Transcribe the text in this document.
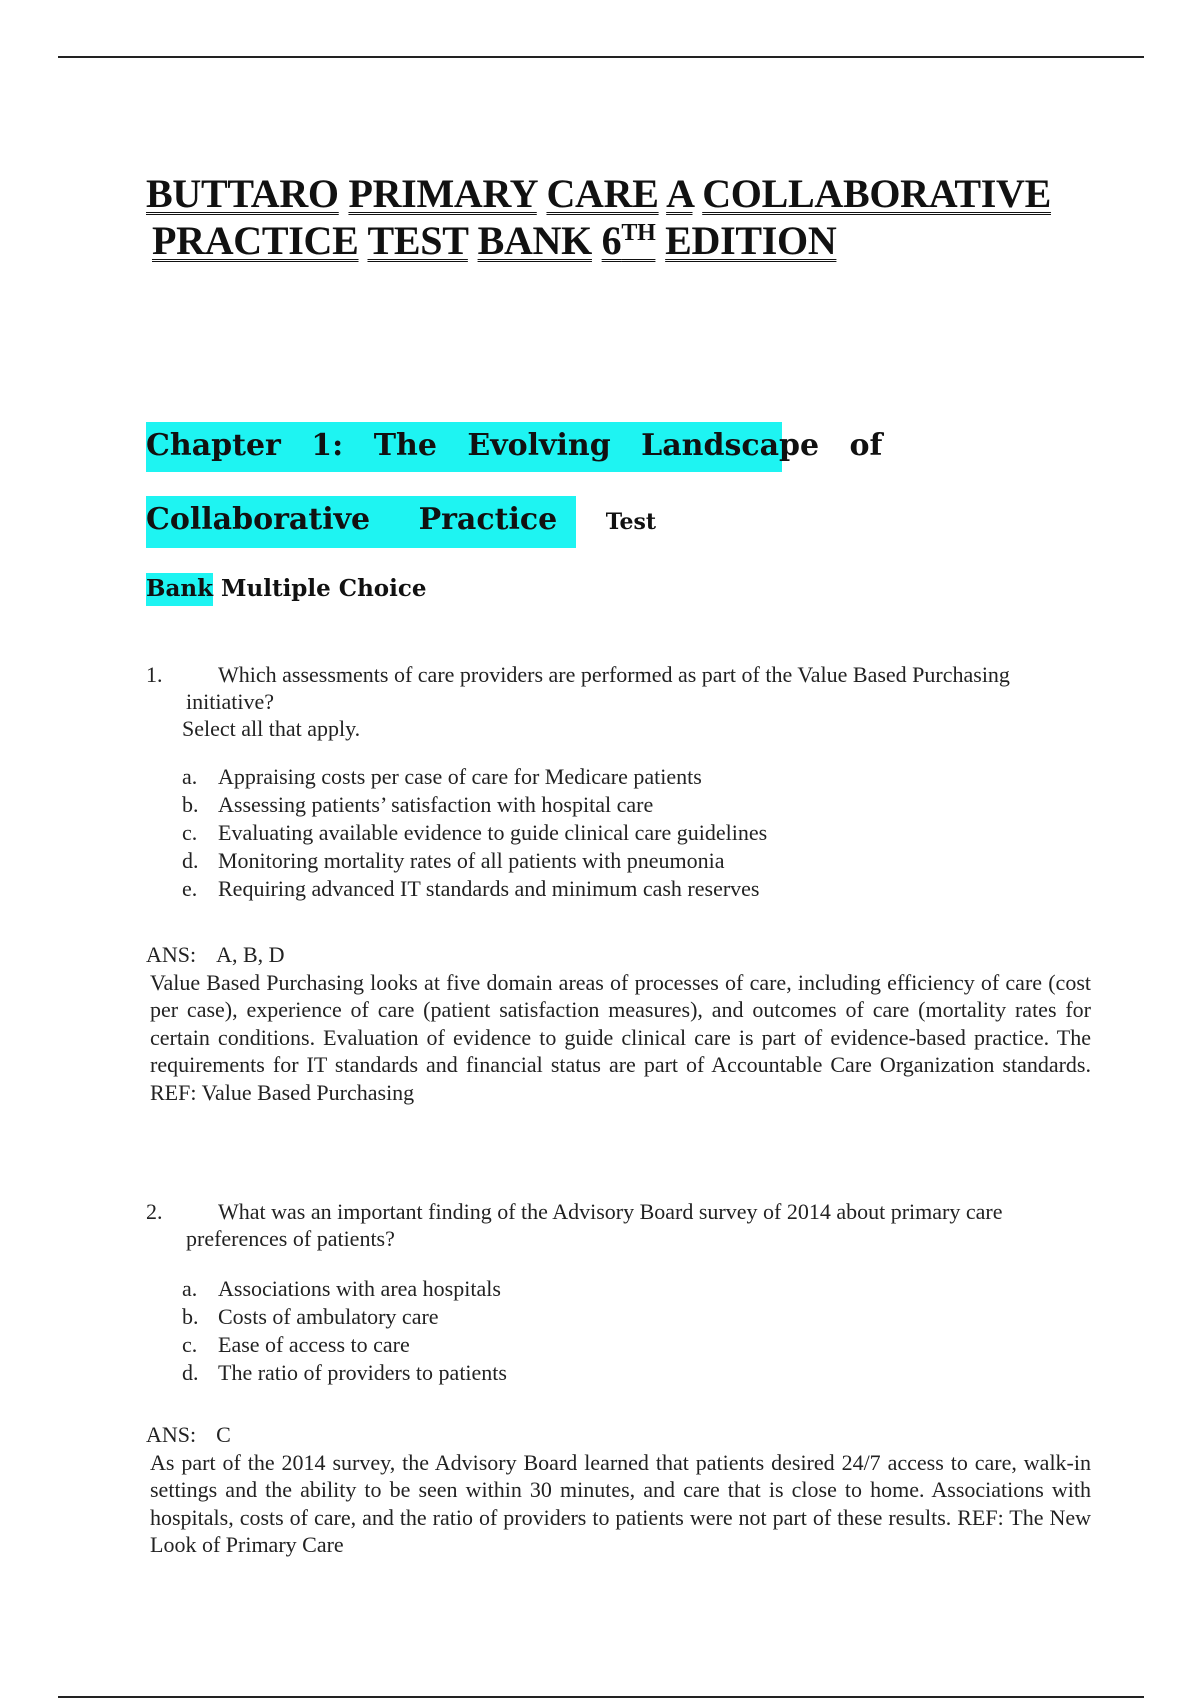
BUTTARO PRIMARY CARE A COLLABORATIVE
PRACTICE TEST BANK 6TH EDITION
Chapter 1: The Evolving Landscape of
Collaborative Practice Test
Bank Multiple Choice
1.	Which assessments of care providers are performed as part of the Value Based Purchasing initiative?
Select all that apply.
a. Appraising costs per case of care for Medicare patients
b. Assessing patients’ satisfaction with hospital care
c. Evaluating available evidence to guide clinical care guidelines
d. Monitoring mortality rates of all patients with pneumonia
e. Requiring advanced IT standards and minimum cash reserves
ANS: A, B, D
Value Based Purchasing looks at five domain areas of processes of care, including efficiency of care (cost per case), experience of care (patient satisfaction measures), and outcomes of care (mortality rates for certain conditions. Evaluation of evidence to guide clinical care is part of evidence-based practice. The requirements for IT standards and financial status are part of Accountable Care Organization standards. REF: Value Based Purchasing
2.	What was an important finding of the Advisory Board survey of 2014 about primary care preferences of patients?
a. Associations with area hospitals
b. Costs of ambulatory care
c. Ease of access to care
d. The ratio of providers to patients
ANS: C
As part of the 2014 survey, the Advisory Board learned that patients desired 24/7 access to care, walk-in settings and the ability to be seen within 30 minutes, and care that is close to home. Associations with hospitals, costs of care, and the ratio of providers to patients were not part of these results. REF: The New Look of Primary Care
